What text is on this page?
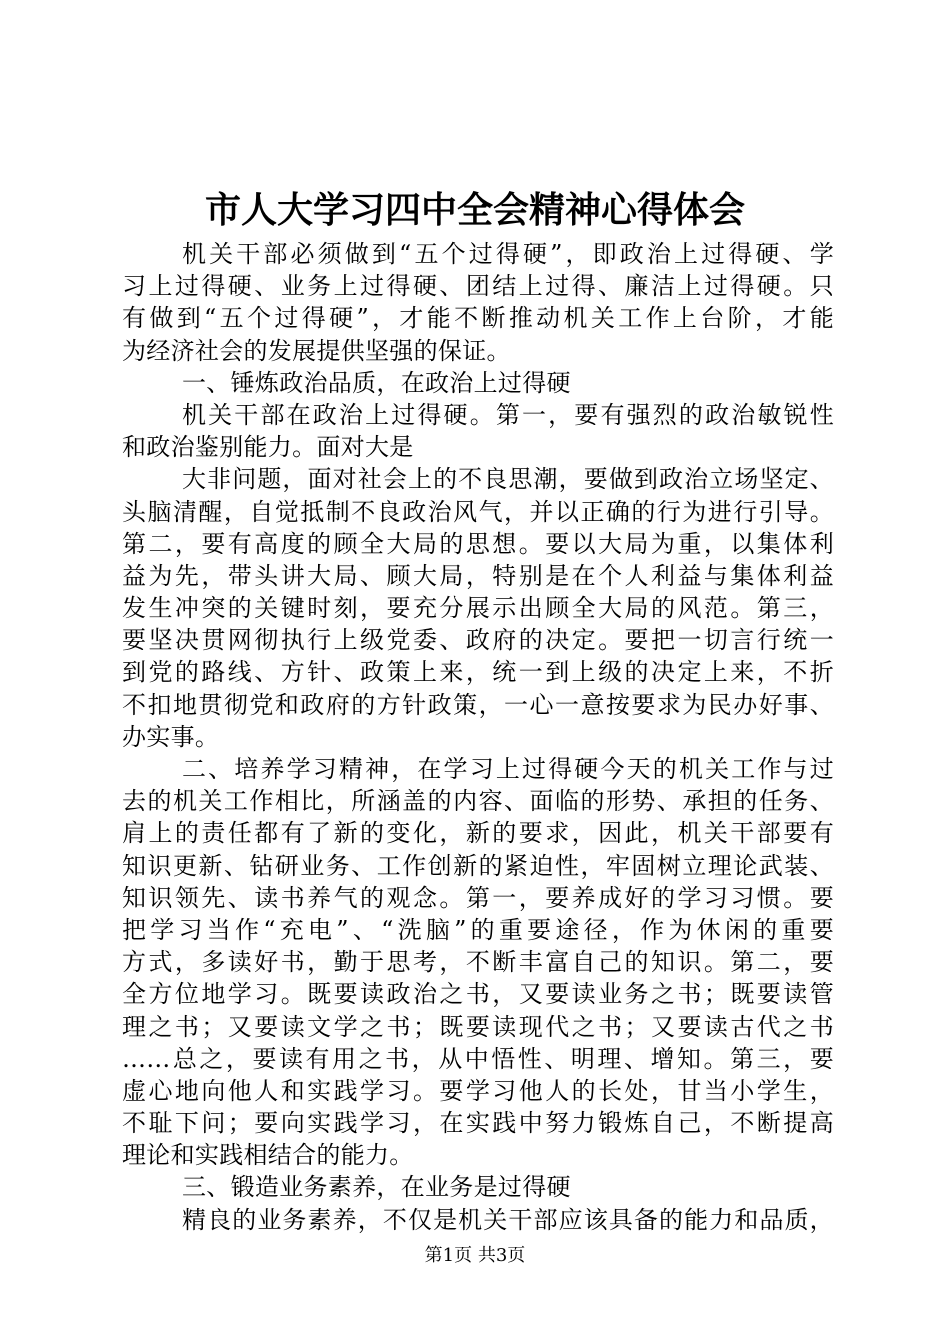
市人大学习四中全会精神心得体会
机关干部必须做到“五个过得硬”，即政治上过得硬、学
习上过得硬、业务上过得硬、团结上过得、廉洁上过得硬。只
有做到“五个过得硬”，才能不断推动机关工作上台阶，才能
为经济社会的发展提供坚强的保证。
一、锤炼政治品质，在政治上过得硬
机关干部在政治上过得硬。第一，要有强烈的政治敏锐性
和政治鉴别能力。面对大是
大非问题，面对社会上的不良思潮，要做到政治立场坚定、
头脑清醒，自觉抵制不良政治风气，并以正确的行为进行引导。
第二，要有高度的顾全大局的思想。要以大局为重，以集体利
益为先，带头讲大局、顾大局，特别是在个人利益与集体利益
发生冲突的关键时刻，要充分展示出顾全大局的风范。第三，
要坚决贯网彻执行上级党委、政府的决定。要把一切言行统一
到党的路线、方针、政策上来，统一到上级的决定上来，不折
不扣地贯彻党和政府的方针政策，一心一意按要求为民办好事、
办实事。
二、培养学习精神，在学习上过得硬今天的机关工作与过
去的机关工作相比，所涵盖的内容、面临的形势、承担的任务、
肩上的责任都有了新的变化，新的要求，因此，机关干部要有
知识更新、钻研业务、工作创新的紧迫性，牢固树立理论武装、
知识领先、读书养气的观念。第一，要养成好的学习习惯。要
把学习当作“充电”、“洗脑”的重要途径，作为休闲的重要
方式，多读好书，勤于思考，不断丰富自己的知识。第二，要
全方位地学习。既要读政治之书，又要读业务之书；既要读管
理之书；又要读文学之书；既要读现代之书；又要读古代之书
……总之，要读有用之书，从中悟性、明理、增知。第三，要
虚心地向他人和实践学习。要学习他人的长处，甘当小学生，
不耻下问；要向实践学习，在实践中努力锻炼自己，不断提高
理论和实践相结合的能力。
三、锻造业务素养，在业务是过得硬
精良的业务素养，不仅是机关干部应该具备的能力和品质，
第1页 共3页
